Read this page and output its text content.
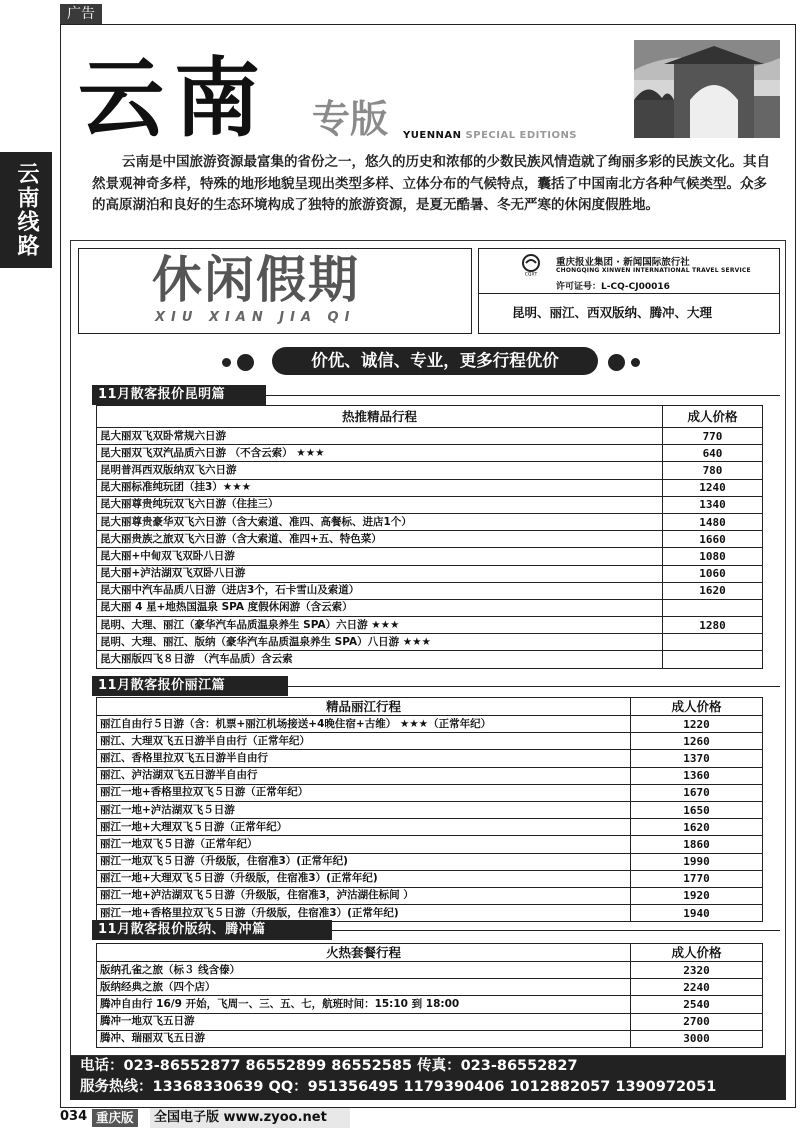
广告
云南线路
云南 专版 YUENNAN SPECIAL EDITIONS
云南是中国旅游资源最富集的省份之一，悠久的历史和浓郁的少数民族风情造就了绚丽多彩的民族文化。其自然景观神奇多样，特殊的地形地貌呈现出类型多样、立体分布的气候特点，囊括了中国南北方各种气候类型。众多的高原湖泊和良好的生态环境构成了独特的旅游资源，是夏无酷暑、冬无严寒的休闲度假胜地。
休闲假期
XIU XIAN JIA QI
CQXT
重庆报业集团 · 新闻国际旅行社
CHONGQING XINWEN INTERNATIONAL TRAVEL SERVICE
许可证号：L-CQ-CJ00016
昆明、丽江、西双版纳、腾冲、大理
价优、诚信、专业，更多行程优价
11月散客报价昆明篇
热推精品行程	成人价格
昆大丽双飞双卧常规六日游	770
昆大丽双飞双汽品质六日游 （不含云索） ★★★	640
昆明普洱西双版纳双飞六日游	780
昆大丽标准纯玩团（挂3）★★★	1240
昆大丽尊贵纯玩双飞六日游（住挂三）	1340
昆大丽尊贵豪华双飞六日游（含大索道、准四、高餐标、进店1个）	1480
昆大丽贵族之旅双飞六日游（含大索道、准四+五、特色菜）	1660
昆大丽+中甸双飞双卧八日游	1080
昆大丽+泸沽湖双飞双卧八日游	1060
昆大丽中汽车品质八日游（进店3个，石卡雪山及索道）	1620
昆大丽 4 星+地热国温泉 SPA 度假休闲游（含云索）	
昆明、大理、丽江（豪华汽车品质温泉养生 SPA）六日游 ★★★	1280
昆明、大理、丽江、版纳（豪华汽车品质温泉养生 SPA）八日游 ★★★	
昆大丽版四飞８日游 （汽车品质）含云索	
11月散客报价丽江篇
精品丽江行程	成人价格
丽江自由行５日游（含：机票+丽江机场接送+4晚住宿+古维） ★★★（正常年纪）	1220
丽江、大理双飞五日游半自由行（正常年纪）	1260
丽江、香格里拉双飞五日游半自由行	1370
丽江、泸沽湖双飞五日游半自由行	1360
丽江一地+香格里拉双飞５日游（正常年纪）	1670
丽江一地+泸沽湖双飞５日游	1650
丽江一地+大理双飞５日游（正常年纪）	1620
丽江一地双飞５日游（正常年纪）	1860
丽江一地双飞５日游（升级版，住宿准3）(正常年纪)	1990
丽江一地+大理双飞５日游（升级版，住宿准3）(正常年纪)	1770
丽江一地+泸沽湖双飞５日游（升级版，住宿准3，泸沽湖住标间 ）	1920
丽江一地+香格里拉双飞５日游（升级版，住宿准3）(正常年纪)	1940
11月散客报价版纳、腾冲篇
火热套餐行程	成人价格
版纳孔雀之旅（标３ 线含傣）	2320
版纳经典之旅（四个店）	2240
腾冲自由行 16/9 开始，飞周一、三、五、七，航班时间：15:10 到 18:00	2540
腾冲一地双飞五日游	2700
腾冲、瑞丽双飞五日游	3000
电话：023-86552877 86552899 86552585 传真：023-86552827
服务热线：13368330639 QQ：951356495 1179390406 1012882057 1390972051
034 重庆版	全国电子版 www.zyoo.net
